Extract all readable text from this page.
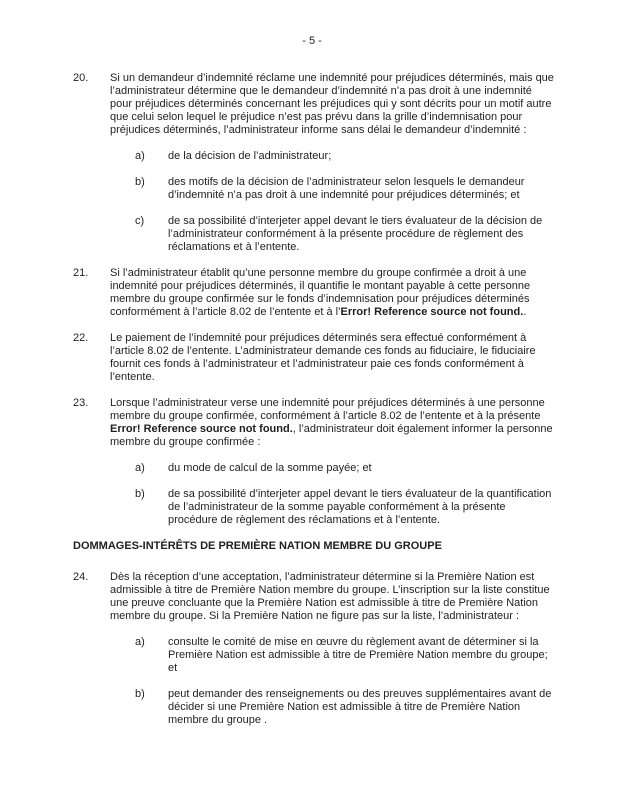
- 5 -
20.	Si un demandeur d’indemnité réclame une indemnité pour préjudices déterminés, mais que l’administrateur détermine que le demandeur d’indemnité n’a pas droit à une indemnité pour préjudices déterminés concernant les préjudices qui y sont décrits pour un motif autre que celui selon lequel le préjudice n’est pas prévu dans la grille d’indemnisation pour préjudices déterminés, l’administrateur informe sans délai le demandeur d’indemnité :
a)	de la décision de l’administrateur;
b)	des motifs de la décision de l’administrateur selon lesquels le demandeur d’indemnité n’a pas droit à une indemnité pour préjudices déterminés; et
c)	de sa possibilité d’interjeter appel devant le tiers évaluateur de la décision de l’administrateur conformément à la présente procédure de règlement des réclamations et à l’entente.
21.	Si l’administrateur établit qu’une personne membre du groupe confirmée a droit à une indemnité pour préjudices déterminés, il quantifie le montant payable à cette personne membre du groupe confirmée sur le fonds d’indemnisation pour préjudices déterminés conformément à l’article 8.02 de l’entente et à l’Error! Reference source not found..
22.	Le paiement de l’indemnité pour préjudices déterminés sera effectué conformément à l’article 8.02 de l’entente. L’administrateur demande ces fonds au fiduciaire, le fiduciaire fournit ces fonds à l’administrateur et l’administrateur paie ces fonds conformément à l’entente.
23.	Lorsque l’administrateur verse une indemnité pour préjudices déterminés à une personne membre du groupe confirmée, conformément à l’article 8.02 de l’entente et à la présente Error! Reference source not found., l’administrateur doit également informer la personne membre du groupe confirmée :
a)	du mode de calcul de la somme payée; et
b)	de sa possibilité d’interjeter appel devant le tiers évaluateur de la quantification de l’administrateur de la somme payable conformément à la présente procédure de règlement des réclamations et à l’entente.
DOMMAGES-INTÉRÊTS DE PREMIÈRE NATION MEMBRE DU GROUPE
24.	Dès la réception d’une acceptation, l’administrateur détermine si la Première Nation est admissible à titre de Première Nation membre du groupe. L’inscription sur la liste constitue une preuve concluante que la Première Nation est admissible à titre de Première Nation membre du groupe. Si la Première Nation ne figure pas sur la liste, l’administrateur :
a)	consulte le comité de mise en œuvre du règlement avant de déterminer si la Première Nation est admissible à titre de Première Nation membre du groupe; et
b)	peut demander des renseignements ou des preuves supplémentaires avant de décider si une Première Nation est admissible à titre de Première Nation membre du groupe .
